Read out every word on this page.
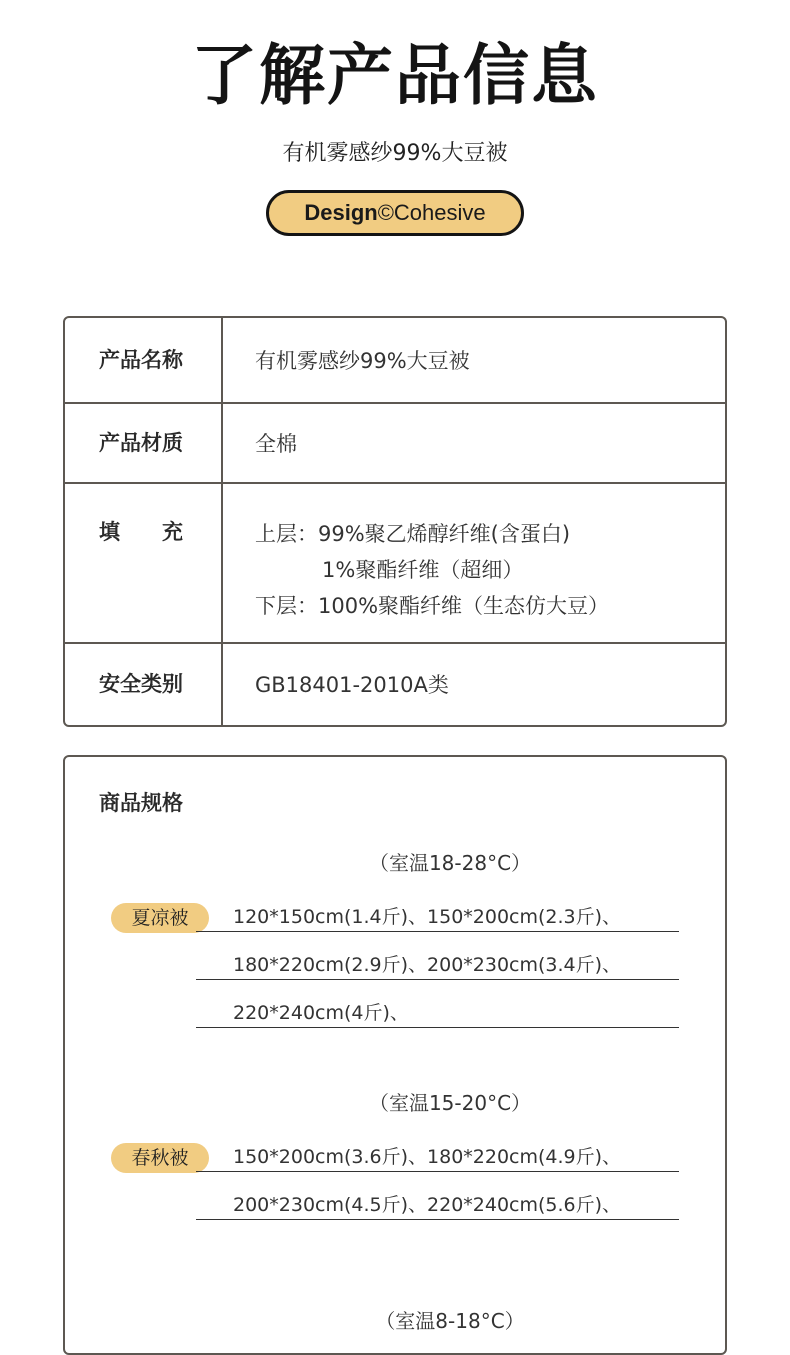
了解产品信息
有机雾感纱99%大豆被
Design©Cohesive
产品名称	有机雾感纱99%大豆被
产品材质	全棉
填　　充	上层：99%聚乙烯醇纤维(含蛋白)
1%聚酯纤维（超细）
下层：100%聚酯纤维（生态仿大豆）
安全类别	GB18401-2010A类
商品规格
（室温18-28°C）
夏凉被	120*150cm(1.4斤)、150*200cm(2.3斤)、
180*220cm(2.9斤)、200*230cm(3.4斤)、
220*240cm(4斤)、
（室温15-20°C）
春秋被	150*200cm(3.6斤)、180*220cm(4.9斤)、
200*230cm(4.5斤)、220*240cm(5.6斤)、
（室温8-18°C）
